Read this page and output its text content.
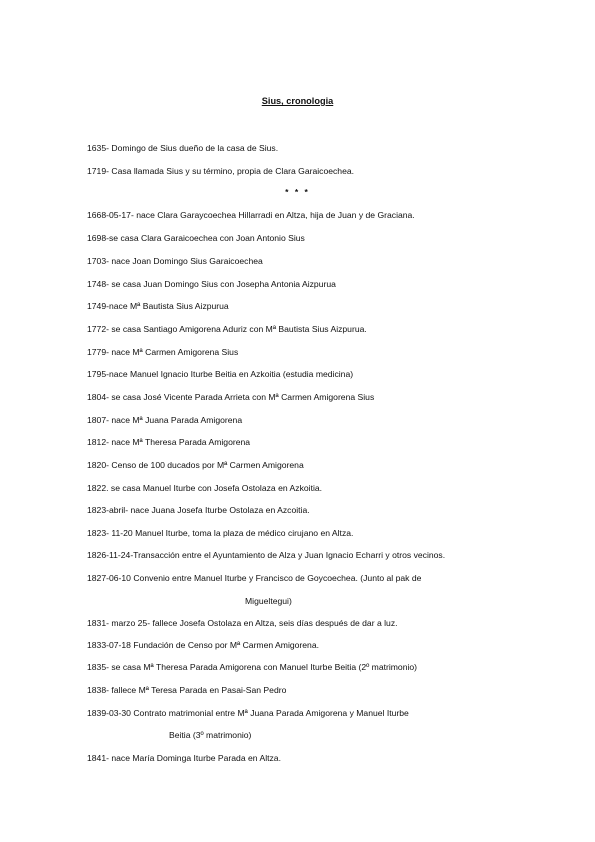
Sius, cronologia
1635- Domingo de Sius dueño de la casa de Sius.
1719- Casa llamada Sius y su término, propia de Clara Garaicoechea.
* * *
1668-05-17- nace Clara Garaycoechea Hillarradi en Altza, hija de Juan y de Graciana.
1698-se casa Clara Garaicoechea con Joan Antonio Sius
1703- nace Joan Domingo Sius Garaicoechea
1748- se casa Juan Domingo Sius con Josepha Antonia Aizpurua
1749-nace Mª Bautista Sius Aizpurua
1772- se casa Santiago Amigorena Aduriz con Mª Bautista Sius Aizpurua.
1779- nace Mª Carmen Amigorena Sius
1795-nace Manuel Ignacio Iturbe Beitia en Azkoitia (estudia medicina)
1804- se casa José Vicente Parada Arrieta con Mª Carmen Amigorena Sius
1807- nace Mª Juana Parada Amigorena
1812- nace Mª Theresa Parada Amigorena
1820- Censo de 100 ducados por Mª Carmen Amigorena
1822. se casa Manuel Iturbe con Josefa Ostolaza en Azkoitia.
1823-abril- nace Juana Josefa Iturbe Ostolaza en Azcoitia.
1823- 11-20 Manuel Iturbe, toma la plaza de médico cirujano en Altza.
1826-11-24-Transacción entre el Ayuntamiento de Alza y Juan Ignacio Echarri y otros vecinos.
1827-06-10 Convenio entre Manuel Iturbe y Francisco de Goycoechea. (Junto al pak de
Migueltegui)
1831- marzo 25- fallece Josefa Ostolaza en Altza, seis días después de dar a luz.
1833-07-18 Fundación de Censo por Mª Carmen Amigorena.
1835- se casa Mª Theresa Parada Amigorena con Manuel Iturbe Beitia (2º matrimonio)
1838- fallece Mª Teresa Parada en Pasai-San Pedro
1839-03-30 Contrato matrimonial entre Mª Juana Parada Amigorena y Manuel Iturbe
Beitia (3º matrimonio)
1841- nace María Dominga Iturbe Parada en Altza.
